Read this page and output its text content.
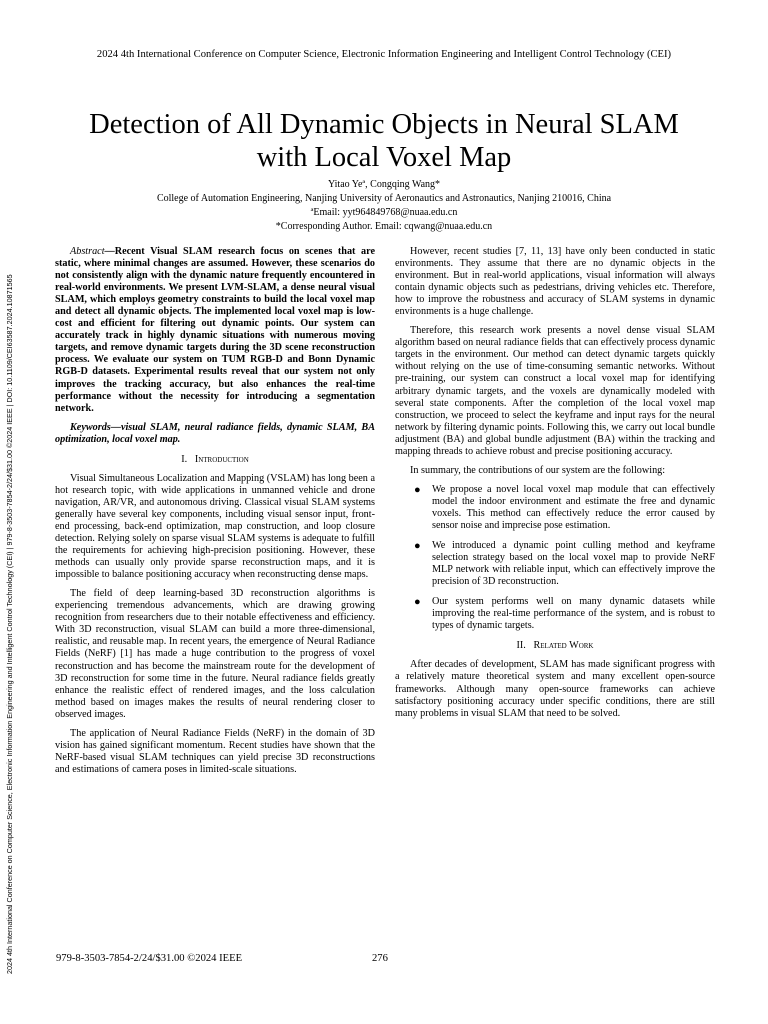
2024 4th International Conference on Computer Science, Electronic Information Engineering and Intelligent Control Technology (CEI)
2024 4th International Conference on Computer Science, Electronic Information Engineering and Intelligent Control Technology (CEI) | 979-8-3503-7854-2/24/$31.00 ©2024 IEEE | DOI: 10.1109/CEI63587.2024.10871565
Detection of All Dynamic Objects in Neural SLAM
with Local Voxel Map
Yitao Yeª, Congqing Wang*
College of Automation Engineering, Nanjing University of Aeronautics and Astronautics, Nanjing 210016, China
ªEmail: yyt964849768@nuaa.edu.cn
*Corresponding Author. Email: cqwang@nuaa.edu.cn

Abstract—Recent Visual SLAM research focus on scenes that are static, where minimal changes are assumed. However, these scenarios do not consistently align with the dynamic nature frequently encountered in real-world environments. We present LVM-SLAM, a dense neural visual SLAM, which employs geometry constraints to build the local voxel map and detect all dynamic objects. The implemented local voxel map is low-cost and efficient for filtering out dynamic points. Our system can accurately track in highly dynamic situations with numerous moving targets, and remove dynamic targets during the 3D scene reconstruction process. We evaluate our system on TUM RGB-D and Bonn Dynamic RGB-D datasets. Experimental results reveal that our system not only improves the tracking accuracy, but also enhances the real-time performance without the necessity for introducing a segmentation network.

Keywords—visual SLAM, neural radiance fields, dynamic SLAM, BA optimization, local voxel map.

I. Introduction

Visual Simultaneous Localization and Mapping (VSLAM) has long been a hot research topic, with wide applications in unmanned vehicle and drone navigation, AR/VR, and autonomous driving. Classical visual SLAM systems generally have several key components, including visual sensor input, front-end processing, back-end optimization, map construction, and loop closure detection. Relying solely on sparse visual SLAM systems is adequate to fulfill the requirements for achieving high-precision positioning. However, these methods can usually only provide sparse reconstruction maps, and it is impossible to balance positioning accuracy when reconstructing dense maps.

The field of deep learning-based 3D reconstruction algorithms is experiencing tremendous advancements, which are drawing growing recognition from researchers due to their notable effectiveness and efficiency. With 3D reconstruction, visual SLAM can build a more three-dimensional, realistic, and reusable map. In recent years, the emergence of Neural Radiance Fields (NeRF) [1] has made a huge contribution to the progress of voxel reconstruction and has become the mainstream route for the development of 3D reconstruction for some time in the future. Neural radiance fields greatly enhance the realistic effect of rendered images, and the loss calculation method based on images makes the results of neural rendering closer to observed images.

The application of Neural Radiance Fields (NeRF) in the domain of 3D vision has gained significant momentum. Recent studies have shown that the NeRF-based visual SLAM techniques can yield precise 3D reconstructions and estimations of camera poses in limited-scale situations.

However, recent studies [7, 11, 13] have only been conducted in static environments. They assume that there are no dynamic objects in the environment. But in real-world applications, visual information will always contain dynamic objects such as pedestrians, driving vehicles etc. Therefore, how to improve the robustness and accuracy of SLAM systems in dynamic environments is a huge challenge.

Therefore, this research work presents a novel dense visual SLAM algorithm based on neural radiance fields that can effectively process dynamic targets in the environment. Our method can detect dynamic targets quickly without relying on the use of time-consuming semantic networks. Without pre-training, our system can construct a local voxel map for identifying arbitrary dynamic targets, and the voxels are dynamically modeled with several state components. After the completion of the local voxel map construction, we proceed to select the keyframe and input rays for the neural network by filtering dynamic points. Following this, we carry out local bundle adjustment (BA) and global bundle adjustment (BA) within the tracking and mapping threads to achieve robust and precise positioning accuracy.

In summary, the contributions of our system are the following:

● We propose a novel local voxel map module that can effectively model the indoor environment and estimate the free and dynamic voxels. This method can effectively reduce the error caused by sensor noise and imprecise pose estimation.
● We introduced a dynamic point culling method and keyframe selection strategy based on the local voxel map to provide NeRF MLP network with reliable input, which can effectively improve the precision of 3D reconstruction.
● Our system performs well on many dynamic datasets while improving the real-time performance of the system, and is robust to types of dynamic targets.
II. Related Work

After decades of development, SLAM has made significant progress with a relatively mature theoretical system and many excellent open-source frameworks. Although many open-source frameworks can achieve satisfactory positioning accuracy under specific conditions, there are still many problems in visual SLAM that need to be solved.

979-8-3503-7854-2/24/$31.00 ©2024 IEEE	276
